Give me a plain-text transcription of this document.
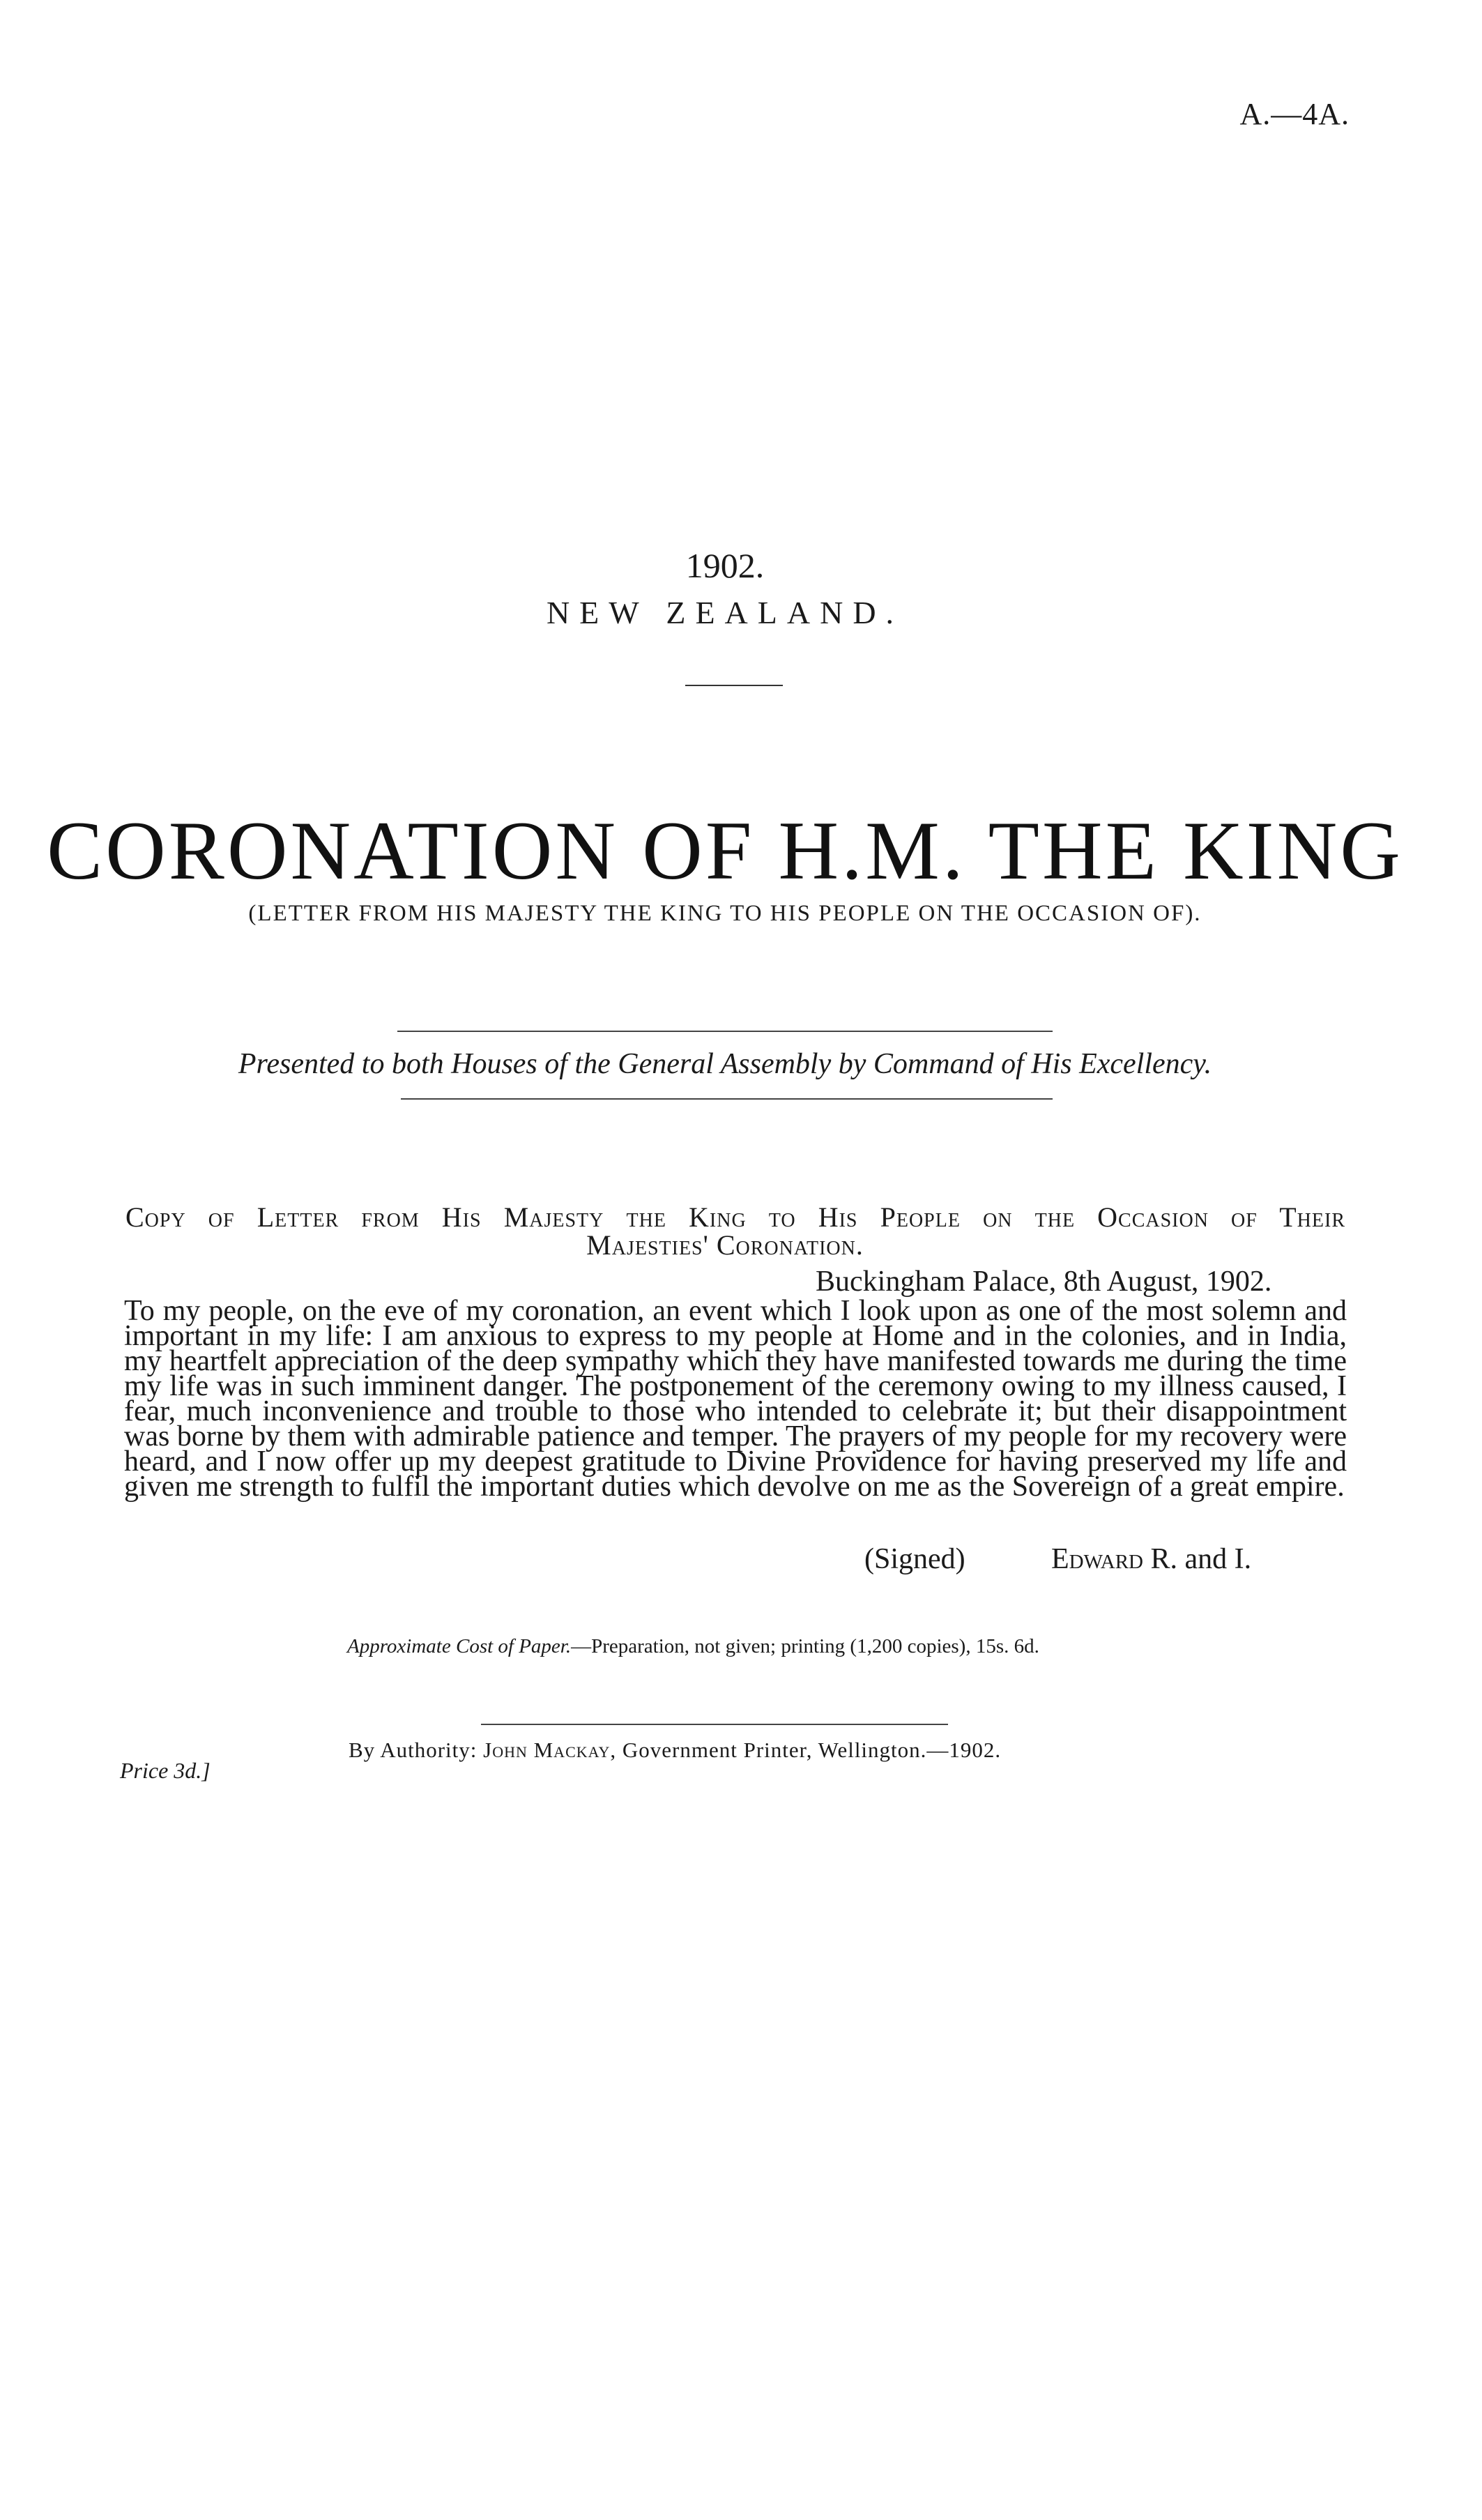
A.—4A.
1902.
NEW ZEALAND.
CORONATION OF H.M. THE KING
(LETTER FROM HIS MAJESTY THE KING TO HIS PEOPLE ON THE OCCASION OF).
Presented to both Houses of the General Assembly by Command of His Excellency.
Copy of Letter from His Majesty the King to His People on the Occasion of Their
Majesties' Coronation.
Buckingham Palace, 8th August, 1902.

To my people, on the eve of my coronation, an event which I look upon as one of the most solemn and important in my life: I am anxious to express to my people at Home and in the colonies, and in India, my heartfelt appreciation of the deep sympathy which they have manifested towards me during the time my life was in such imminent danger. The postponement of the ceremony owing to my illness caused, I fear, much inconvenience and trouble to those who intended to celebrate it; but their disappointment was borne by them with admirable patience and temper. The prayers of my people for my recovery were heard, and I now offer up my deepest gratitude to Divine Providence for having preserved my life and given me strength to fulfil the important duties which devolve on me as the Sovereign of a great empire.

(Signed)	Edward R. and I.
Approximate Cost of Paper.—Preparation, not given; printing (1,200 copies), 15s. 6d.
By Authority: John Mackay, Government Printer, Wellington.—1902.
Price 3d.]
